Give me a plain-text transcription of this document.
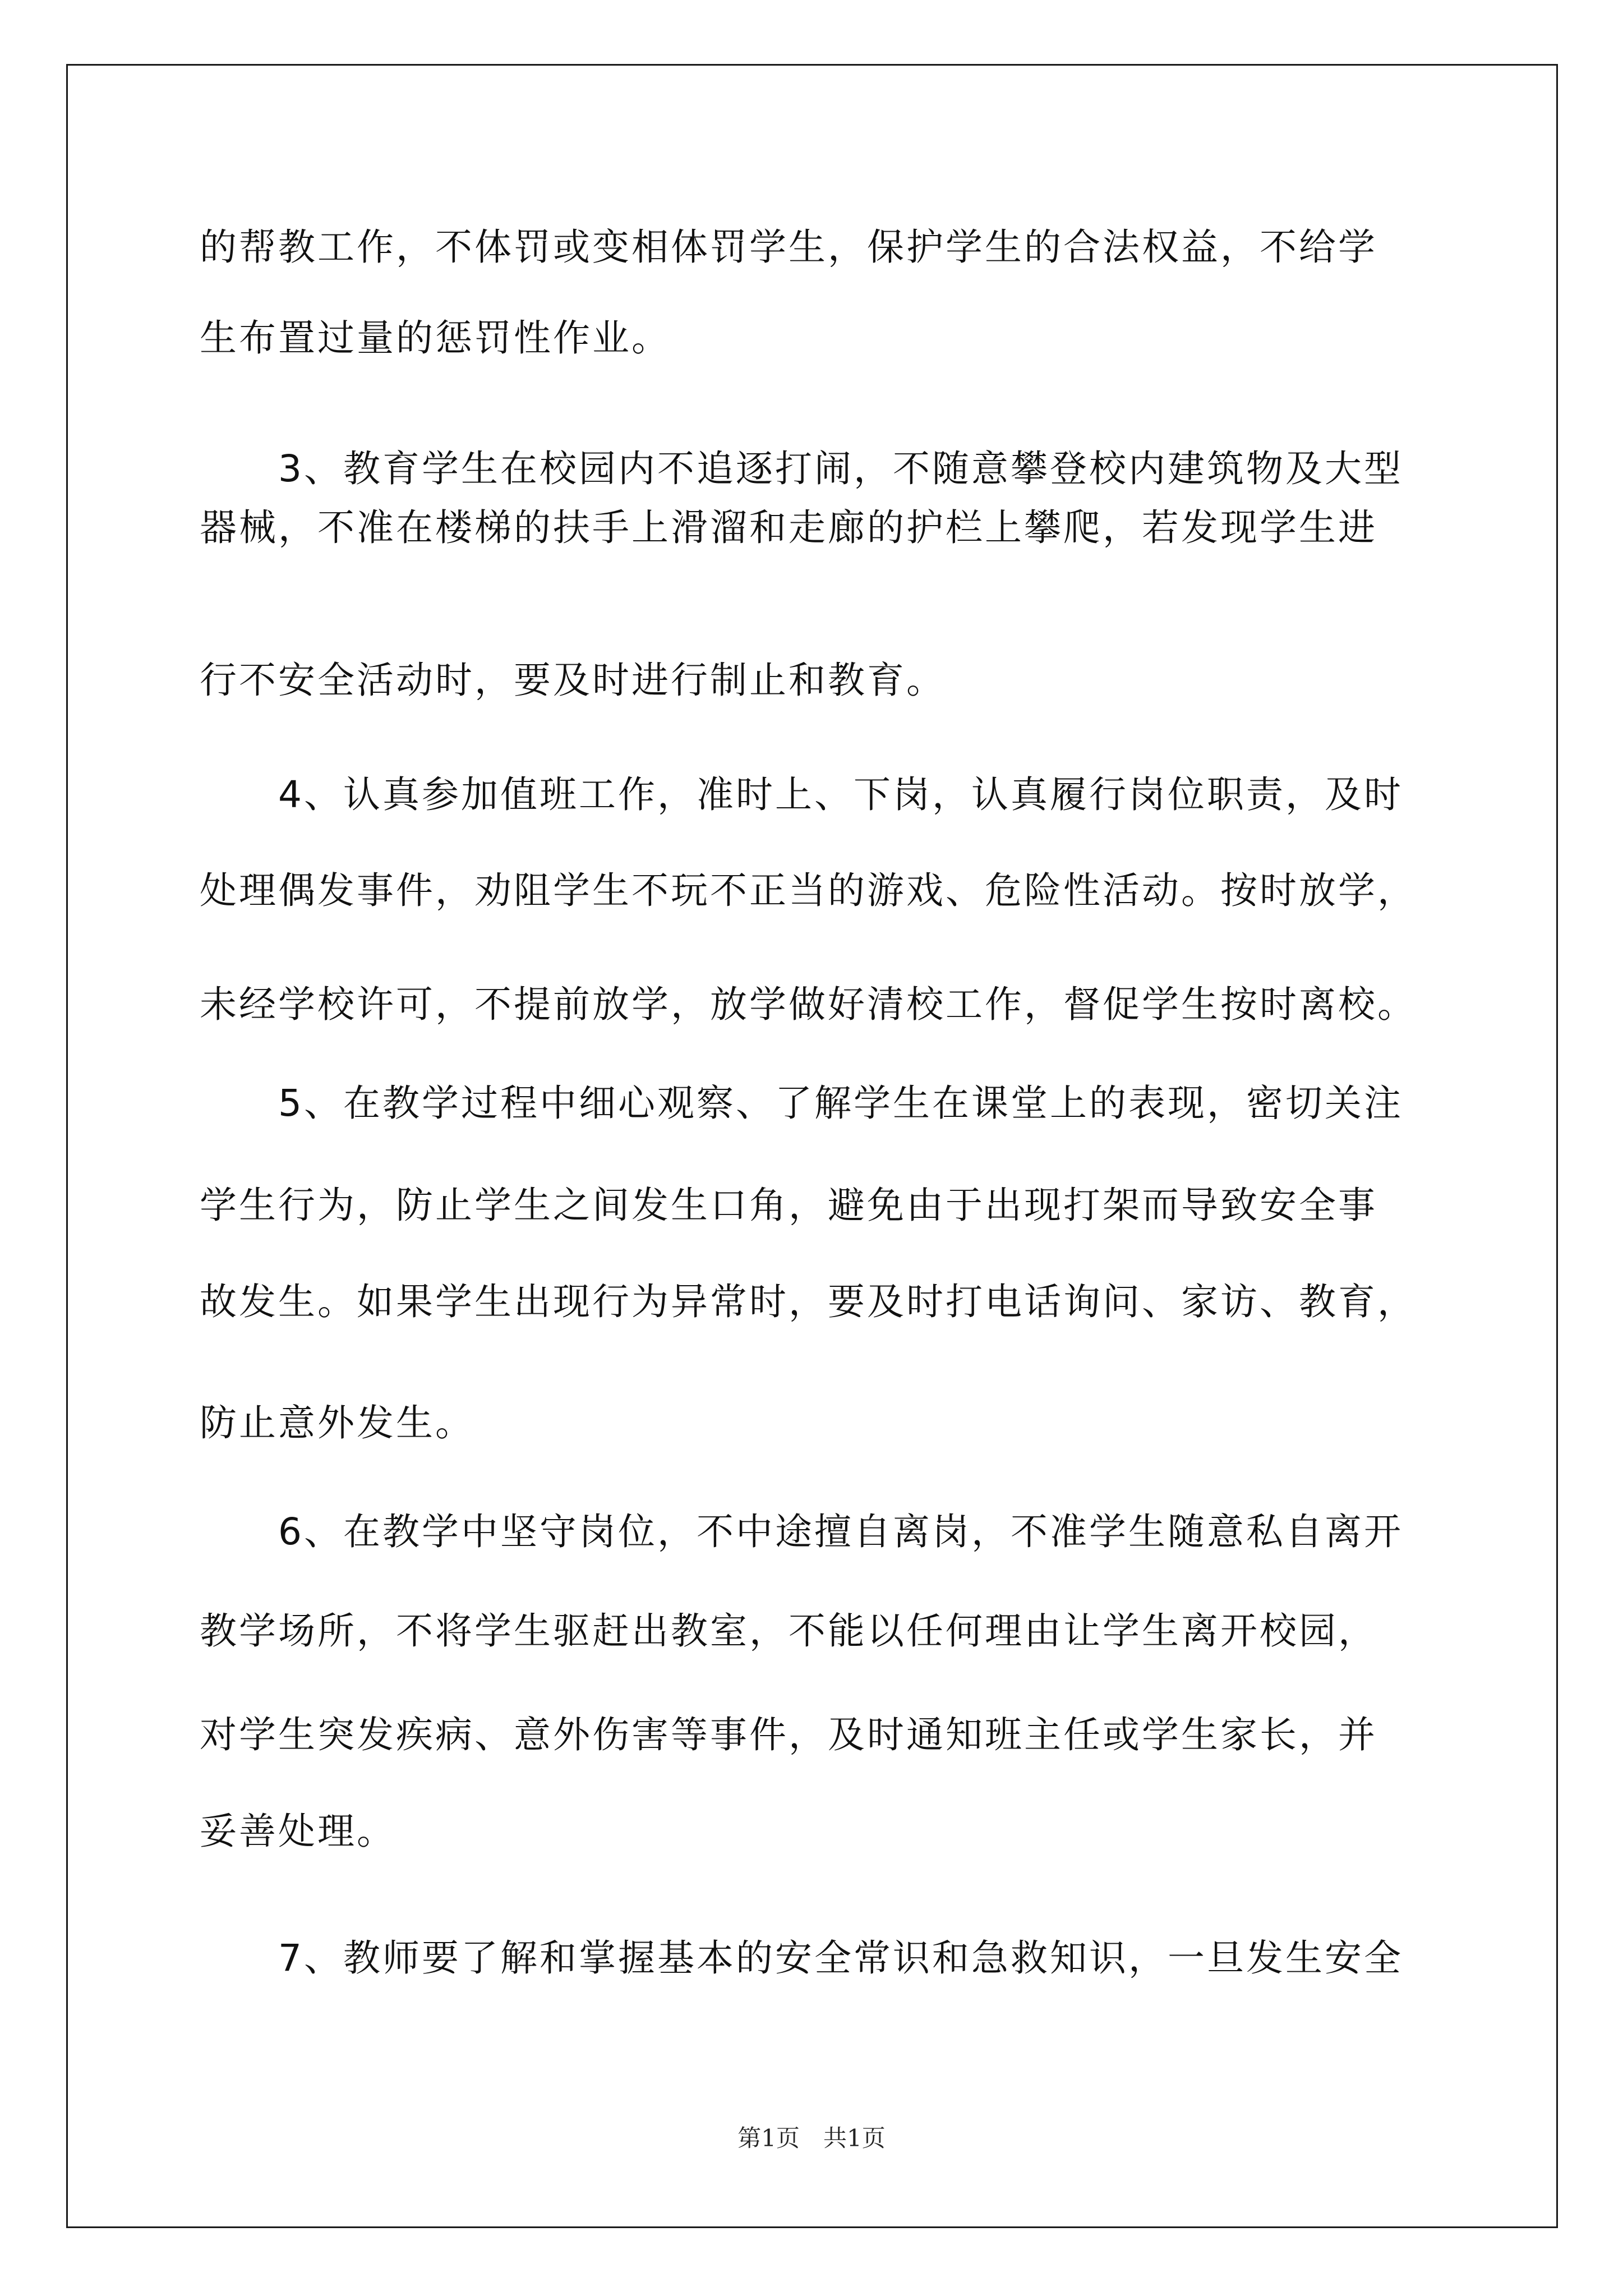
的帮教工作，不体罚或变相体罚学生，保护学生的合法权益，不给学
生布置过量的惩罚性作业。
3、教育学生在校园内不追逐打闹，不随意攀登校内建筑物及大型
器械，不准在楼梯的扶手上滑溜和走廊的护栏上攀爬，若发现学生进
行不安全活动时，要及时进行制止和教育。
4、认真参加值班工作，准时上、下岗，认真履行岗位职责，及时
处理偶发事件，劝阻学生不玩不正当的游戏、危险性活动。按时放学，
未经学校许可，不提前放学，放学做好清校工作，督促学生按时离校。
5、在教学过程中细心观察、了解学生在课堂上的表现，密切关注
学生行为，防止学生之间发生口角，避免由于出现打架而导致安全事
故发生。如果学生出现行为异常时，要及时打电话询问、家访、教育，
防止意外发生。
6、在教学中坚守岗位，不中途擅自离岗，不准学生随意私自离开
教学场所，不将学生驱赶出教室，不能以任何理由让学生离开校园，
对学生突发疾病、意外伤害等事件，及时通知班主任或学生家长，并
妥善处理。
7、教师要了解和掌握基本的安全常识和急救知识，一旦发生安全
第1页　共1页
